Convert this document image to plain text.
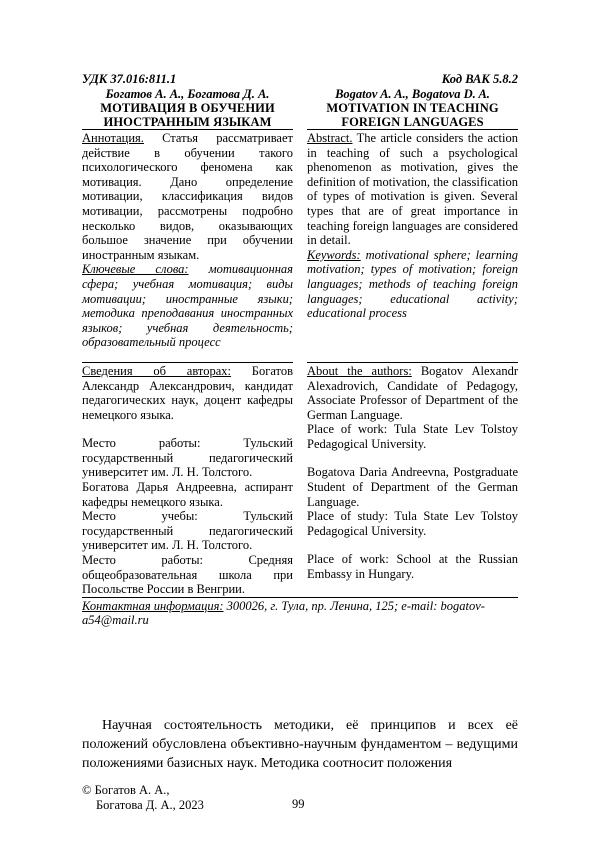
УДК 37.016:811.1	Код ВАК 5.8.2
Богатов А. А., Богатова Д. А.
МОТИВАЦИЯ В ОБУЧЕНИИ
ИНОСТРАННЫМ ЯЗЫКАМ
Bogatov A. A., Bogatova D. A.
MOTIVATION IN TEACHING
FOREIGN LANGUAGES
Аннотация. Статья рассматривает действие в обучении такого психологического феномена как мотивация. Дано определение мотивации, классификация видов мотивации, рассмотрены подробно несколько видов, оказывающих большое значение при обучении иностранным языкам.
Ключевые слова: мотивационная сфера; учебная мотивация; виды мотивации; иностранные языки; методика преподавания иностранных языков; учебная деятельность; образовательный процесс
Abstract. The article considers the action in teaching of such a psychological phenomenon as motivation, gives the definition of motivation, the classification of types of motivation is given. Several types that are of great importance in teaching foreign languages are considered in detail.
Keywords: motivational sphere; learning motivation; types of motivation; foreign languages; methods of teaching foreign languages; educational activity; educational process
Сведения об авторах: Богатов Александр Александрович, кандидат педагогических наук, доцент кафедры немецкого языка.
Место работы: Тульский государственный педагогический университет им. Л. Н. Толстого.
Богатова Дарья Андреевна, аспирант кафедры немецкого языка.
Место учебы: Тульский государственный педагогический университет им. Л. Н. Толстого.
Место работы: Средняя общеобразовательная школа при Посольстве России в Венгрии.
About the authors: Bogatov Alexandr Alexadrovich, Candidate of Pedagogy, Associate Professor of Department of the German Language.
Place of work: Tula State Lev Tolstoy Pedagogical University.
Bogatova Daria Andreevna, Postgraduate Student of Department of the German Language.
Place of study: Tula State Lev Tolstoy Pedagogical University.
Place of work: School at the Russian Embassy in Hungary.
Контактная информация: 300026, г. Тула, пр. Ленина, 125; e-mail: bogatov-a54@mail.ru
Научная состоятельность методики, её принципов и всех её положений обусловлена объективно-научным фундаментом – ведущими положениями базисных наук. Методика соотносит положения
© Богатов А. А.,
Богатова Д. А., 2023	99
